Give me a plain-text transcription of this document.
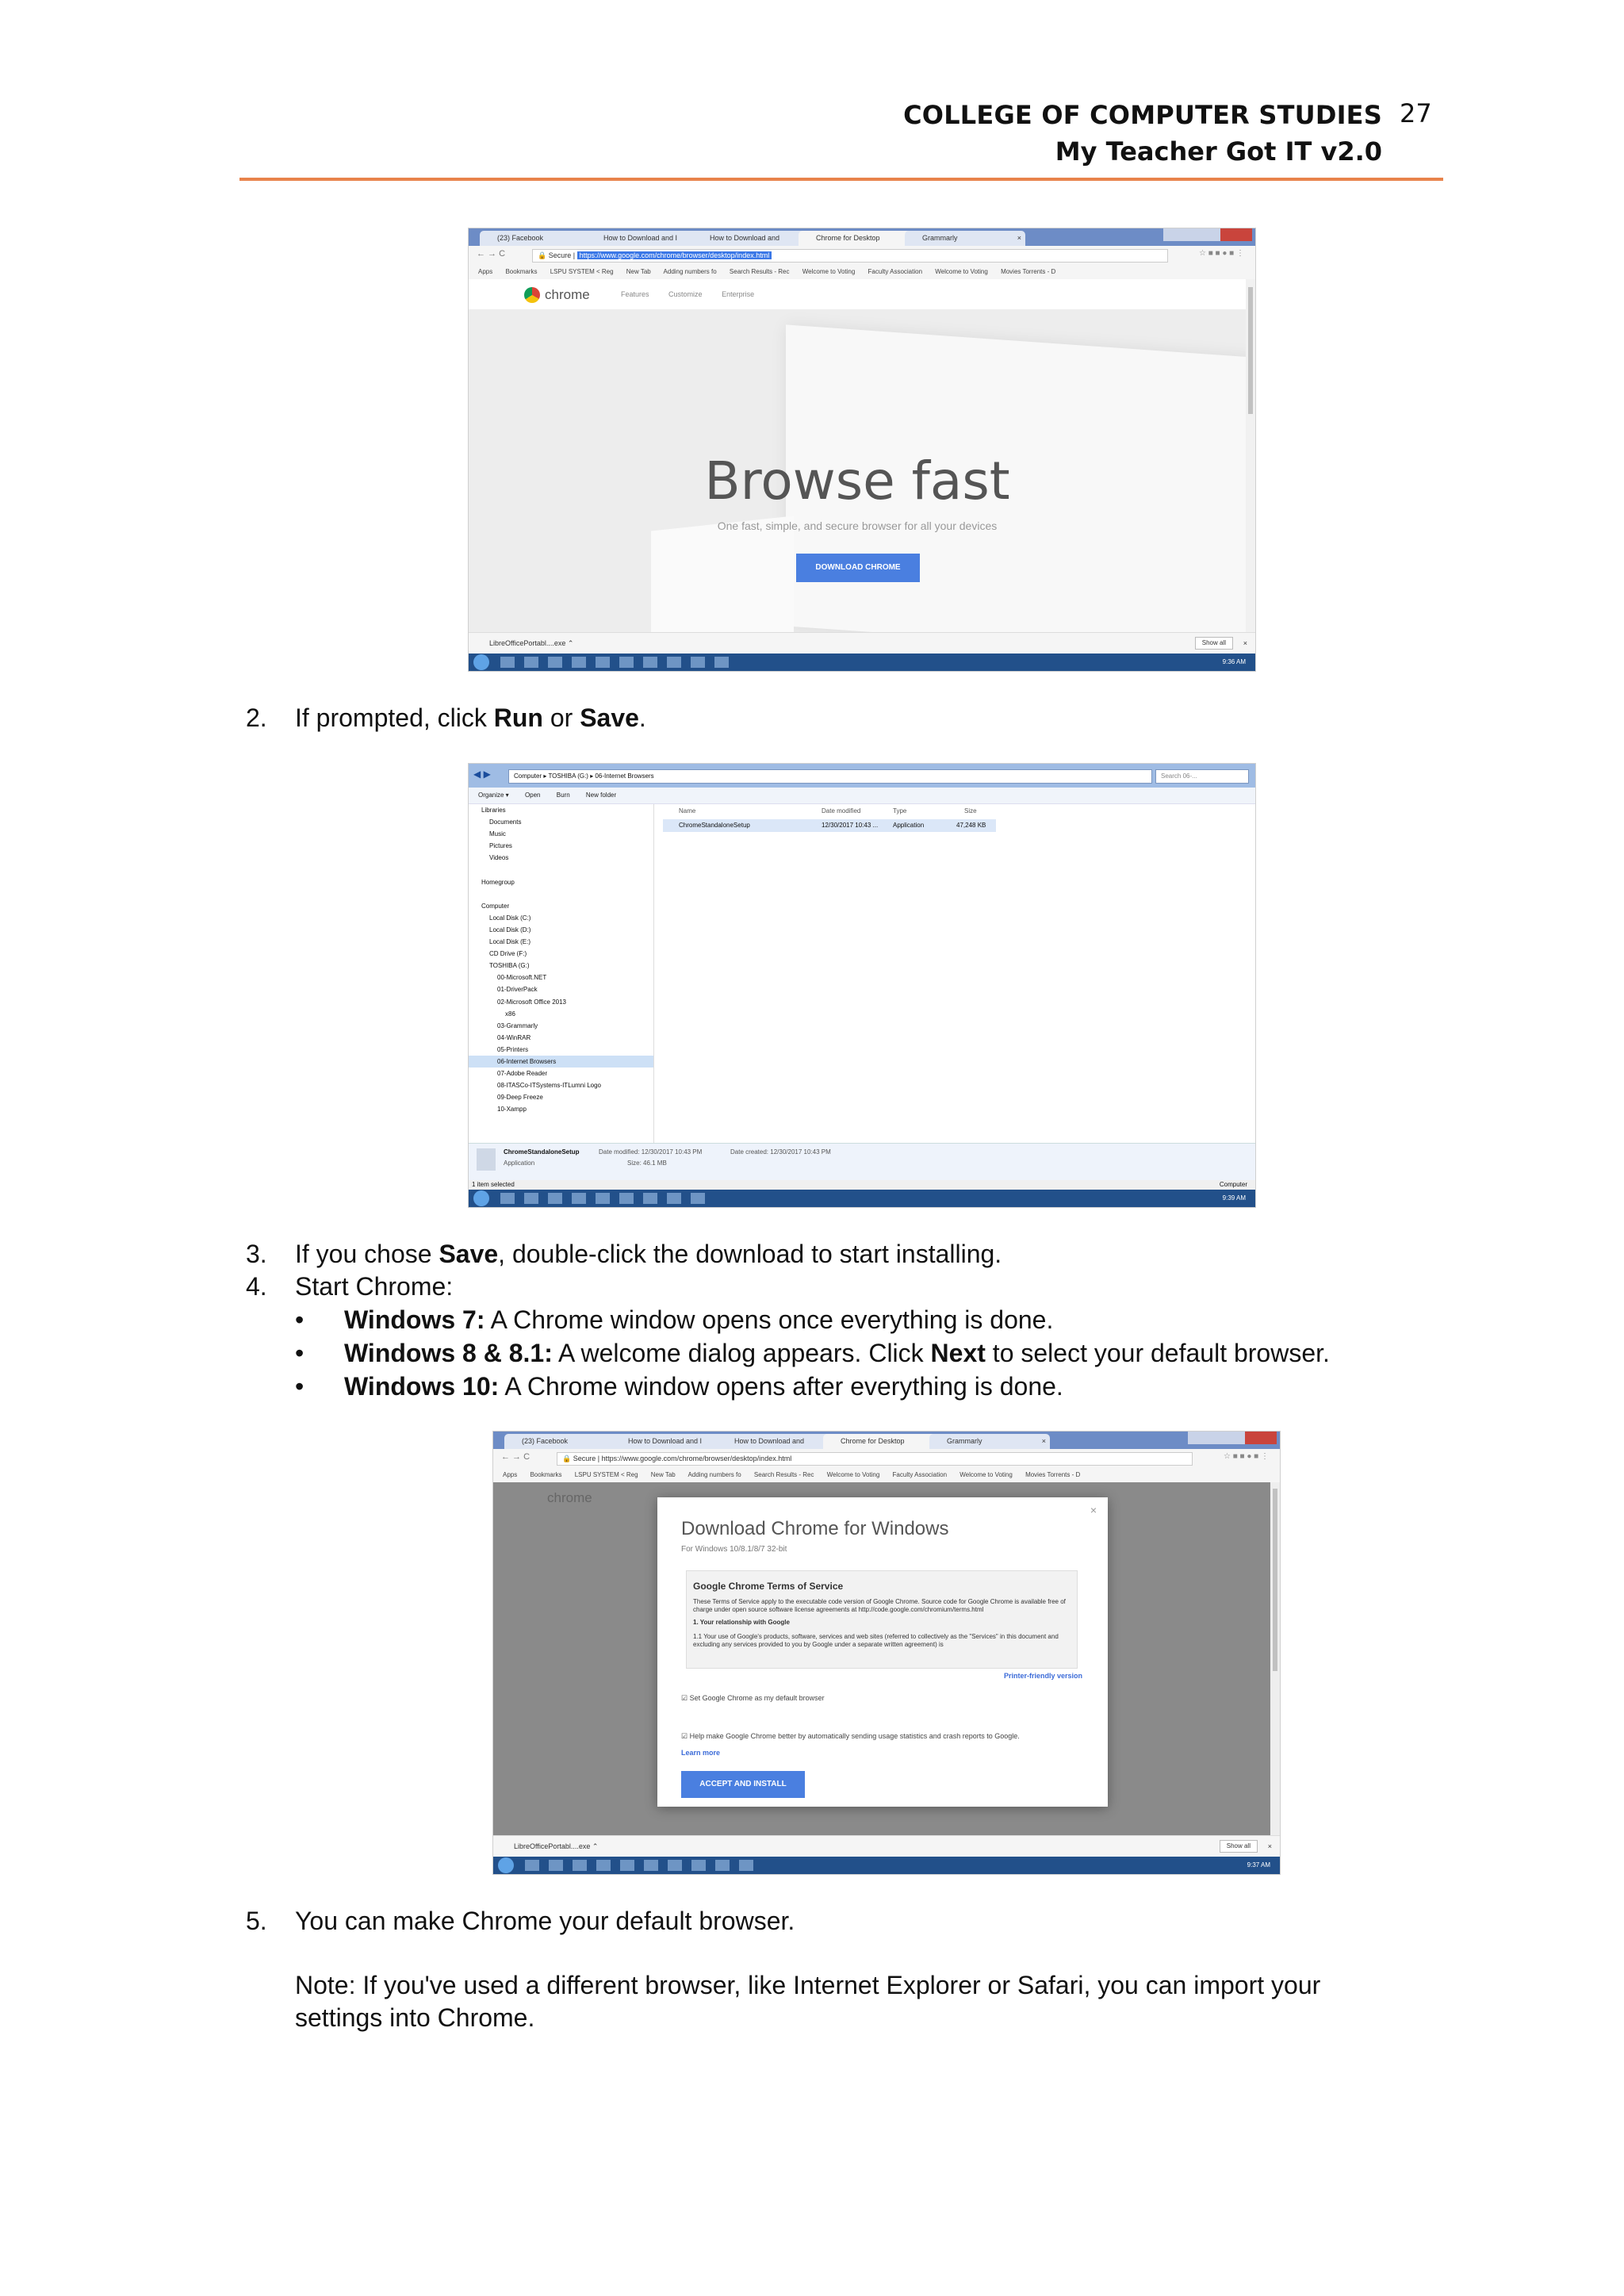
COLLEGE OF COMPUTER STUDIES 27
My Teacher Got IT v2.0
(23) Facebook	How to Download and I	How to Download and	Chrome for Desktop	Grammarly	×
← → C	🔒 Secure | https://www.google.com/chrome/browser/desktop/index.html	☆ ■ ■ ● ■ ⋮
Apps Bookmarks LSPU SYSTEM < Reg New Tab Adding numbers fo Search Results - Rec Welcome to Voting Faculty Association Welcome to Voting Movies Torrents - D
chrome	Features	Customize	Enterprise
Browse fast
One fast, simple, and secure browser for all your devices
DOWNLOAD CHROME
LibreOfficePortabl....exe ⌃	Show all	×
9:36 AM
2. If prompted, click Run or Save.
◀ ▶	Computer ▸ TOSHIBA (G:) ▸ 06-Internet Browsers	Search 06-...
Organize ▾	Open	Burn	New folder
Libraries
Documents
Music
Pictures
Videos
Homegroup
Computer
Local Disk (C:)
Local Disk (D:)
Local Disk (E:)
CD Drive (F:)
TOSHIBA (G:)
00-Microsoft.NET
01-DriverPack
02-Microsoft Office 2013
x86
03-Grammarly
04-WinRAR
05-Printers
06-Internet Browsers
07-Adobe Reader
08-ITASCo-ITSystems-ITLumni Logo
09-Deep Freeze
10-Xampp
Name	Date modified	Type	Size
ChromeStandaloneSetup	12/30/2017 10:43 ... Application	47,248 KB
ChromeStandaloneSetup	Date modified: 12/30/2017 10:43 PM	Date created: 12/30/2017 10:43 PM
Application	Size: 46.1 MB
1 item selected	Computer
9:39 AM
3. If you chose Save, double-click the download to start installing.
4. Start Chrome:
• Windows 7: A Chrome window opens once everything is done.
• Windows 8 & 8.1: A welcome dialog appears. Click Next to select your default browser.
• Windows 10: A Chrome window opens after everything is done.
(23) Facebook	How to Download and I	How to Download and	Chrome for Desktop	Grammarly	×
← → C	🔒 Secure | https://www.google.com/chrome/browser/desktop/index.html	☆ ■ ■ ● ■ ⋮
Apps Bookmarks LSPU SYSTEM < Reg New Tab Adding numbers fo Search Results - Rec Welcome to Voting Faculty Association Welcome to Voting Movies Torrents - D
chrome
×
Download Chrome for Windows
For Windows 10/8.1/8/7 32-bit
Google Chrome Terms of Service
These Terms of Service apply to the executable code version of Google Chrome. Source code for Google Chrome is available free of charge under open source software license agreements at http://code.google.com/chromium/terms.html
1. Your relationship with Google
1.1 Your use of Google's products, software, services and web sites (referred to collectively as the "Services" in this document and excluding any services provided to you by Google under a separate written agreement) is
Printer-friendly version
☑ Set Google Chrome as my default browser
☑ Help make Google Chrome better by automatically sending usage statistics and crash reports to Google.
Learn more
ACCEPT AND INSTALL
LibreOfficePortabl....exe ⌃	Show all	×
9:37 AM
5. You can make Chrome your default browser.
Note: If you've used a different browser, like Internet Explorer or Safari, you can import your
settings into Chrome.
